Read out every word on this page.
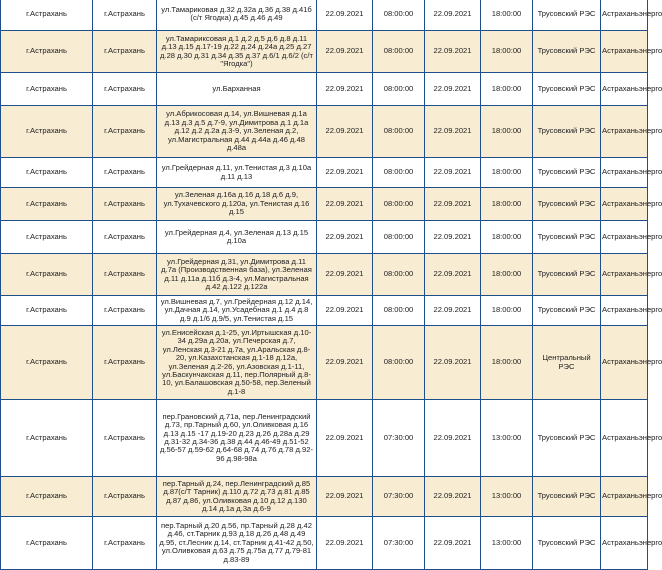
г.Астрахань	г.Астрахань	ул.Тамариковая д.32 д.32а д.36 д.38 д.41б (с/т Ягодка) д.45 д.46 д.49	22.09.2021	08:00:00	22.09.2021	18:00:00	Трусовский РЭС	Астраханьэнерго
г.Астрахань	г.Астрахань	ул.Тамариксовая д.1 д.2 д.5 д.6 д.8 д.11 д.13 д.15 д.17-19 д.22 д.24 д.24а д.25 д.27 д.28 д.30 д.31 д.34 д.35 д.37 д.6/1 д.6/2 (с/т "Ягодка")	22.09.2021	08:00:00	22.09.2021	18:00:00	Трусовский РЭС	Астраханьэнерго
г.Астрахань	г.Астрахань	ул.Барханная	22.09.2021	08:00:00	22.09.2021	18:00:00	Трусовский РЭС	Астраханьэнерго
г.Астрахань	г.Астрахань	ул.Абрикосовая д.14, ул.Вишневая д.1а д.13 д.3 д.5 д.7-9, ул.Димитрова д.1 д.1а д.12 д.2 д.2а д.3-9, ул.Зеленая д.2, ул.Магистральная д.44 д.44а д.46 д.48 д.48а	22.09.2021	08:00:00	22.09.2021	18:00:00	Трусовский РЭС	Астраханьэнерго
г.Астрахань	г.Астрахань	ул.Грейдерная д.11, ул.Тенистая д.3 д.10а д.11 д.13	22.09.2021	08:00:00	22.09.2021	18:00:00	Трусовский РЭС	Астраханьэнерго
г.Астрахань	г.Астрахань	ул.Зеленая д.16а д.16 д.18 д.6 д.9, ул.Тухачевского д.120а, ул.Тенистая д.16 д.15	22.09.2021	08:00:00	22.09.2021	18:00:00	Трусовский РЭС	Астраханьэнерго
г.Астрахань	г.Астрахань	ул.Грейдерная д.4, ул.Зеленая д.13 д.15 д.10а	22.09.2021	08:00:00	22.09.2021	18:00:00	Трусовский РЭС	Астраханьэнерго
г.Астрахань	г.Астрахань	ул.Грейдерная д.31, ул.Димитрова д.11 д.7а (Производственная база), ул.Зеленая д.11 д.11а д.11б д.3-4, ул.Магистральная д.42 д.122 д.122а	22.09.2021	08:00:00	22.09.2021	18:00:00	Трусовский РЭС	Астраханьэнерго
г.Астрахань	г.Астрахань	ул.Вишневая д.7, ул.Грейдерная д.12 д.14, ул.Дачная д.14, ул.Усадебная д.1 д.4 д.8 д.9 д.1/6 д.9/5, ул.Тенистая д.15	22.09.2021	08:00:00	22.09.2021	18:00:00	Трусовский РЭС	Астраханьэнерго
г.Астрахань	г.Астрахань	ул.Енисейская д.1-25, ул.Иртышская д.10-34 д.29а д.20а, ул.Печерская д.7, ул.Ленская д.3-21 д.7а, ул.Аральская д.8-20, ул.Казахстанская д.1-18 д.12а, ул.Зеленая д.2-26, ул.Азовская д.1-11, ул.Баскунчакская д.11, пер.Полярный д.8-10, ул.Балашовская д.50-58, пер.Зеленый д.1-8	22.09.2021	08:00:00	22.09.2021	18:00:00	Центральный РЭС	Астраханьэнерго
г.Астрахань	г.Астрахань	пер.Грановский д.71а, пер.Ленинградский д.73, пр.Тарный д.60, ул.Оливковая д.16 д.13 д.15 -17 д.19-20 д.23 д.26 д.28а д.29 д.31-32 д.34-36 д.38 д.44 д.46-49 д.51-52 д.56-57 д.59-62 д.64-68 д.74 д.76 д.78 д.92-96 д.98-98а	22.09.2021	07:30:00	22.09.2021	13:00:00	Трусовский РЭС	Астраханьэнерго
г.Астрахань	г.Астрахань	пер.Тарный д.24, пер.Ленинградский д.85 д.87(с/Т Тарник) д.110 д.72 д.73 д.81 д.85 д.87 д.86, ул.Оливковая д.10 д.12 д.130 д.14 д.1а д.3а д.6-9	22.09.2021	07:30:00	22.09.2021	13:00:00	Трусовский РЭС	Астраханьэнерго
г.Астрахань	г.Астрахань	пер.Тарный д.20 д.56, пр.Тарный д.28 д.42 д.46, ст.Тарник д.93 д.18 д.26 д.48 д.49 д.95, ст.Лесник д.14, ст.Тарник д.41-42 д.50, ул.Оливковая д.63 д.75 д.75а д.77 д.79-81 д.83-89	22.09.2021	07:30:00	22.09.2021	13:00:00	Трусовский РЭС	Астраханьэнерго
